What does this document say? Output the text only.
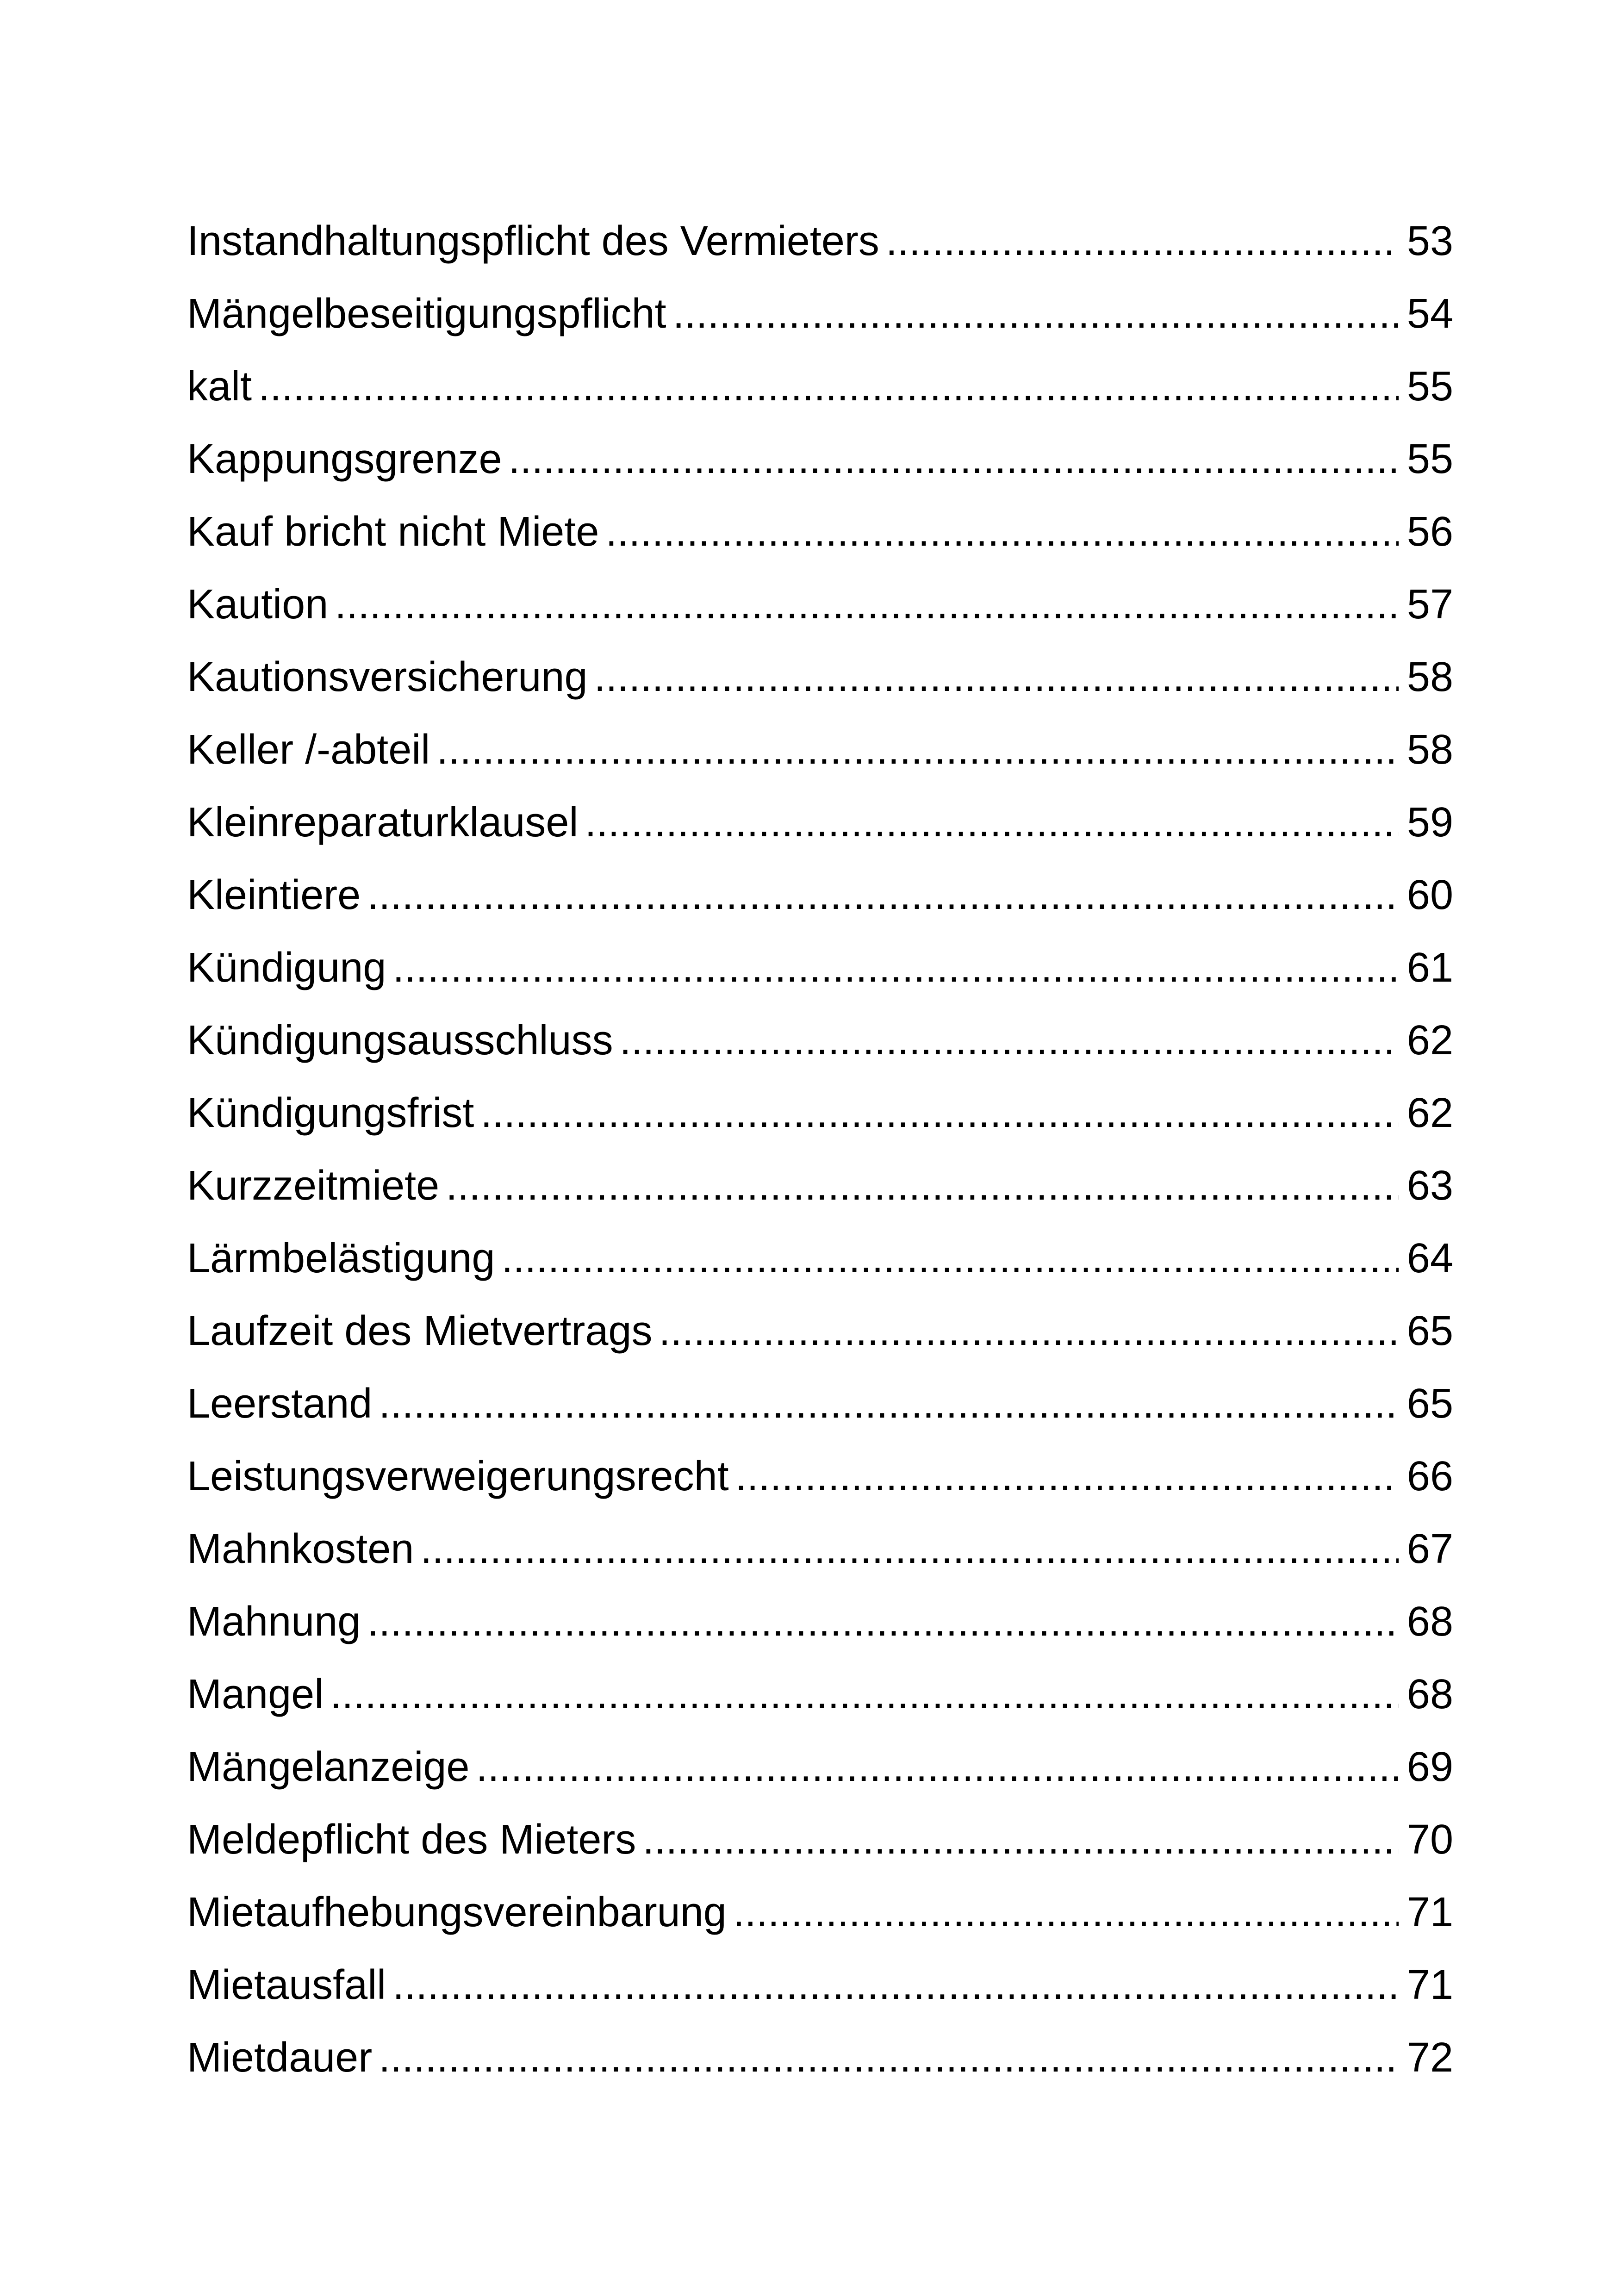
Instandhaltungspflicht des Vermieters .....	53
Mängelbeseitigungspflicht .....	54
kalt .....	55
Kappungsgrenze .....	55
Kauf bricht nicht Miete .....	56
Kaution .....	57
Kautionsversicherung .....	58
Keller /-abteil .....	58
Kleinreparaturklausel .....	59
Kleintiere .....	60
Kündigung .....	61
Kündigungsausschluss .....	62
Kündigungsfrist .....	62
Kurzzeitmiete .....	63
Lärmbelästigung .....	64
Laufzeit des Mietvertrags .....	65
Leerstand .....	65
Leistungsverweigerungsrecht .....	66
Mahnkosten .....	67
Mahnung .....	68
Mangel .....	68
Mängelanzeige .....	69
Meldepflicht des Mieters .....	70
Mietaufhebungsvereinbarung .....	71
Mietausfall .....	71
Mietdauer .....	72
